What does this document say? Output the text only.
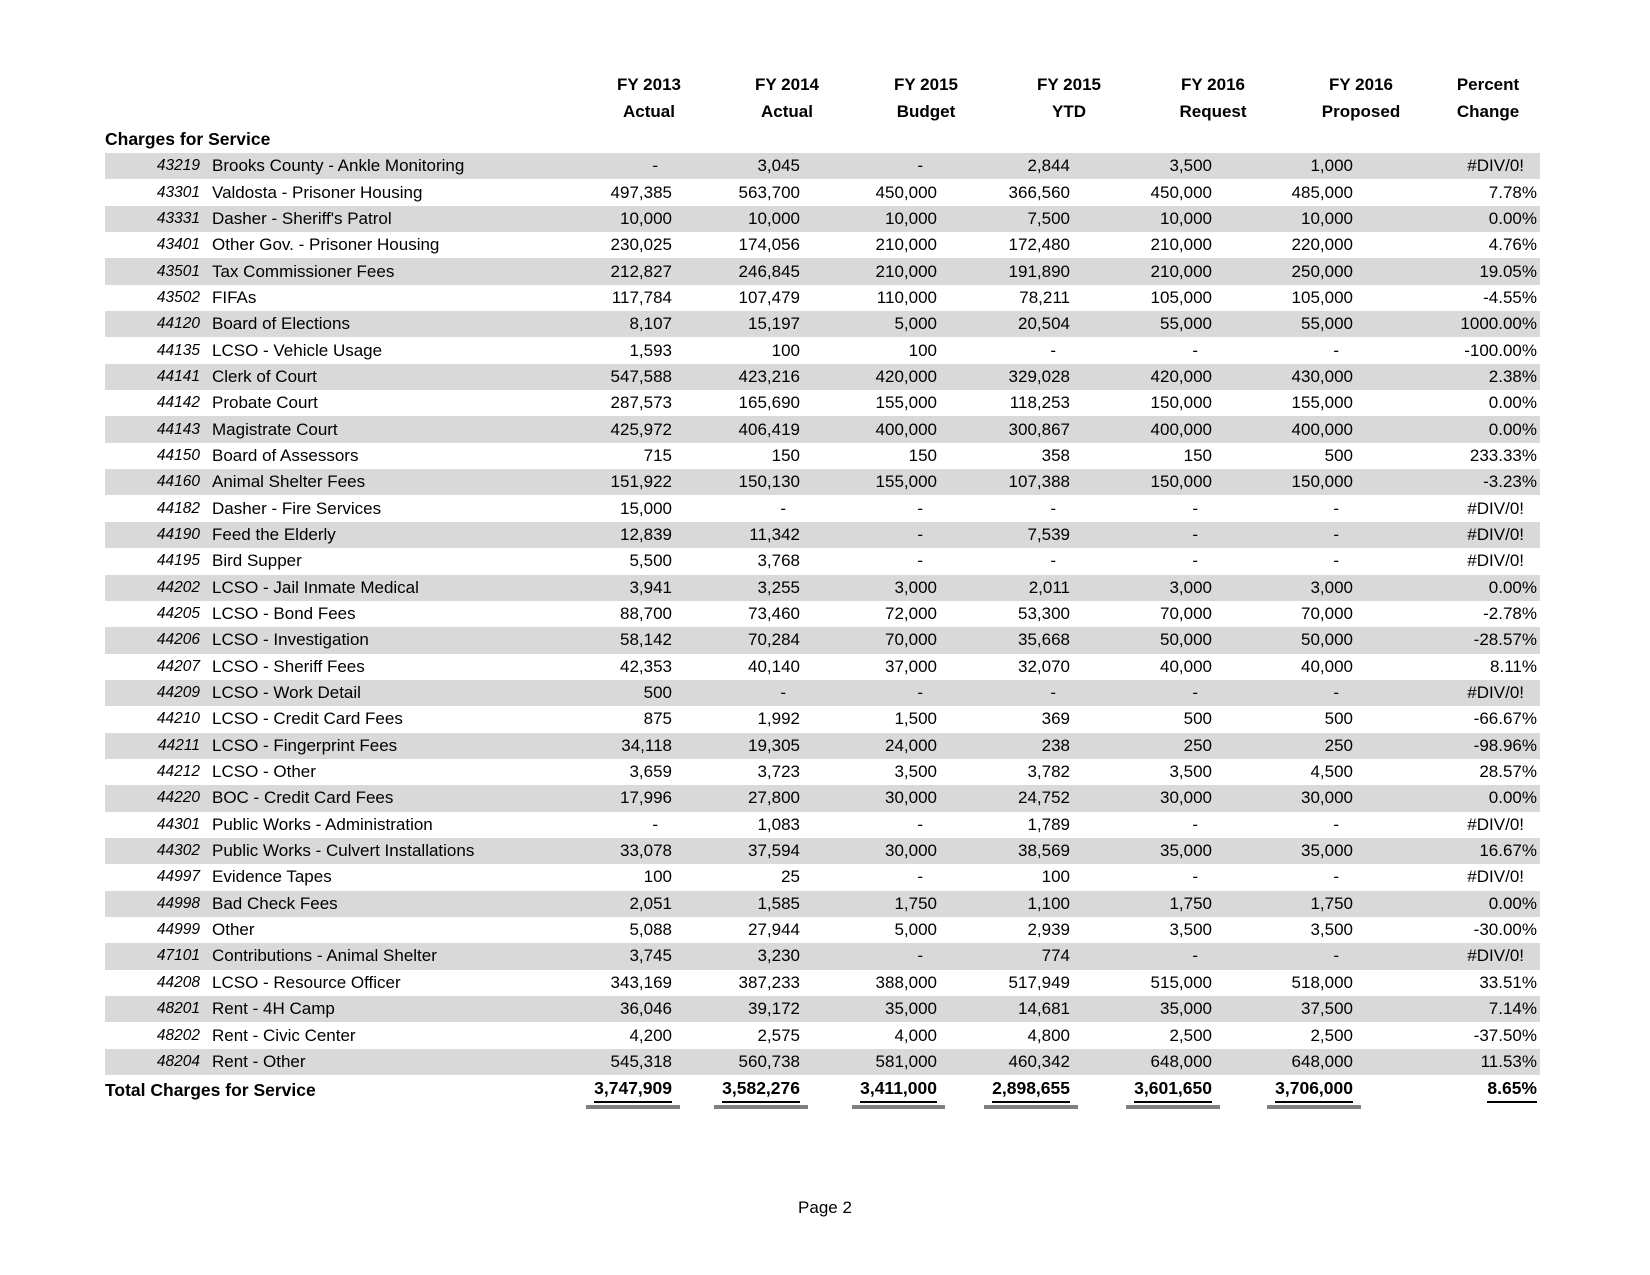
FY 2013	FY 2014	FY 2015	FY 2015	FY 2016	FY 2016	Percent
Actual	Actual	Budget	YTD	Request	Proposed	Change
Charges for Service
43219 Brooks County - Ankle Monitoring	-	3,045	-	2,844	3,500	1,000	#DIV/0!
43301 Valdosta - Prisoner Housing	497,385	563,700	450,000	366,560	450,000	485,000	7.78%
43331 Dasher - Sheriff's Patrol	10,000	10,000	10,000	7,500	10,000	10,000	0.00%
43401 Other Gov. - Prisoner Housing	230,025	174,056	210,000	172,480	210,000	220,000	4.76%
43501 Tax Commissioner Fees	212,827	246,845	210,000	191,890	210,000	250,000	19.05%
43502 FIFAs	117,784	107,479	110,000	78,211	105,000	105,000	-4.55%
44120 Board of Elections	8,107	15,197	5,000	20,504	55,000	55,000	1000.00%
44135 LCSO - Vehicle Usage	1,593	100	100	-	-	-	-100.00%
44141 Clerk of Court	547,588	423,216	420,000	329,028	420,000	430,000	2.38%
44142 Probate Court	287,573	165,690	155,000	118,253	150,000	155,000	0.00%
44143 Magistrate Court	425,972	406,419	400,000	300,867	400,000	400,000	0.00%
44150 Board of Assessors	715	150	150	358	150	500	233.33%
44160 Animal Shelter Fees	151,922	150,130	155,000	107,388	150,000	150,000	-3.23%
44182 Dasher - Fire Services	15,000	-	-	-	-	-	#DIV/0!
44190 Feed the Elderly	12,839	11,342	-	7,539	-	-	#DIV/0!
44195 Bird Supper	5,500	3,768	-	-	-	-	#DIV/0!
44202 LCSO - Jail Inmate Medical	3,941	3,255	3,000	2,011	3,000	3,000	0.00%
44205 LCSO - Bond Fees	88,700	73,460	72,000	53,300	70,000	70,000	-2.78%
44206 LCSO - Investigation	58,142	70,284	70,000	35,668	50,000	50,000	-28.57%
44207 LCSO - Sheriff Fees	42,353	40,140	37,000	32,070	40,000	40,000	8.11%
44209 LCSO - Work Detail	500	-	-	-	-	-	#DIV/0!
44210 LCSO - Credit Card Fees	875	1,992	1,500	369	500	500	-66.67%
44211 LCSO - Fingerprint Fees	34,118	19,305	24,000	238	250	250	-98.96%
44212 LCSO - Other	3,659	3,723	3,500	3,782	3,500	4,500	28.57%
44220 BOC - Credit Card Fees	17,996	27,800	30,000	24,752	30,000	30,000	0.00%
44301 Public Works - Administration	-	1,083	-	1,789	-	-	#DIV/0!
44302 Public Works - Culvert Installations	33,078	37,594	30,000	38,569	35,000	35,000	16.67%
44997 Evidence Tapes	100	25	-	100	-	-	#DIV/0!
44998 Bad Check Fees	2,051	1,585	1,750	1,100	1,750	1,750	0.00%
44999 Other	5,088	27,944	5,000	2,939	3,500	3,500	-30.00%
47101 Contributions - Animal Shelter	3,745	3,230	-	774	-	-	#DIV/0!
44208 LCSO - Resource Officer	343,169	387,233	388,000	517,949	515,000	518,000	33.51%
48201 Rent - 4H Camp	36,046	39,172	35,000	14,681	35,000	37,500	7.14%
48202 Rent - Civic Center	4,200	2,575	4,000	4,800	2,500	2,500	-37.50%
48204 Rent - Other	545,318	560,738	581,000	460,342	648,000	648,000	11.53%
Total Charges for Service	3,747,909	3,582,276	3,411,000	2,898,655	3,601,650	3,706,000	8.65%
Page 2
